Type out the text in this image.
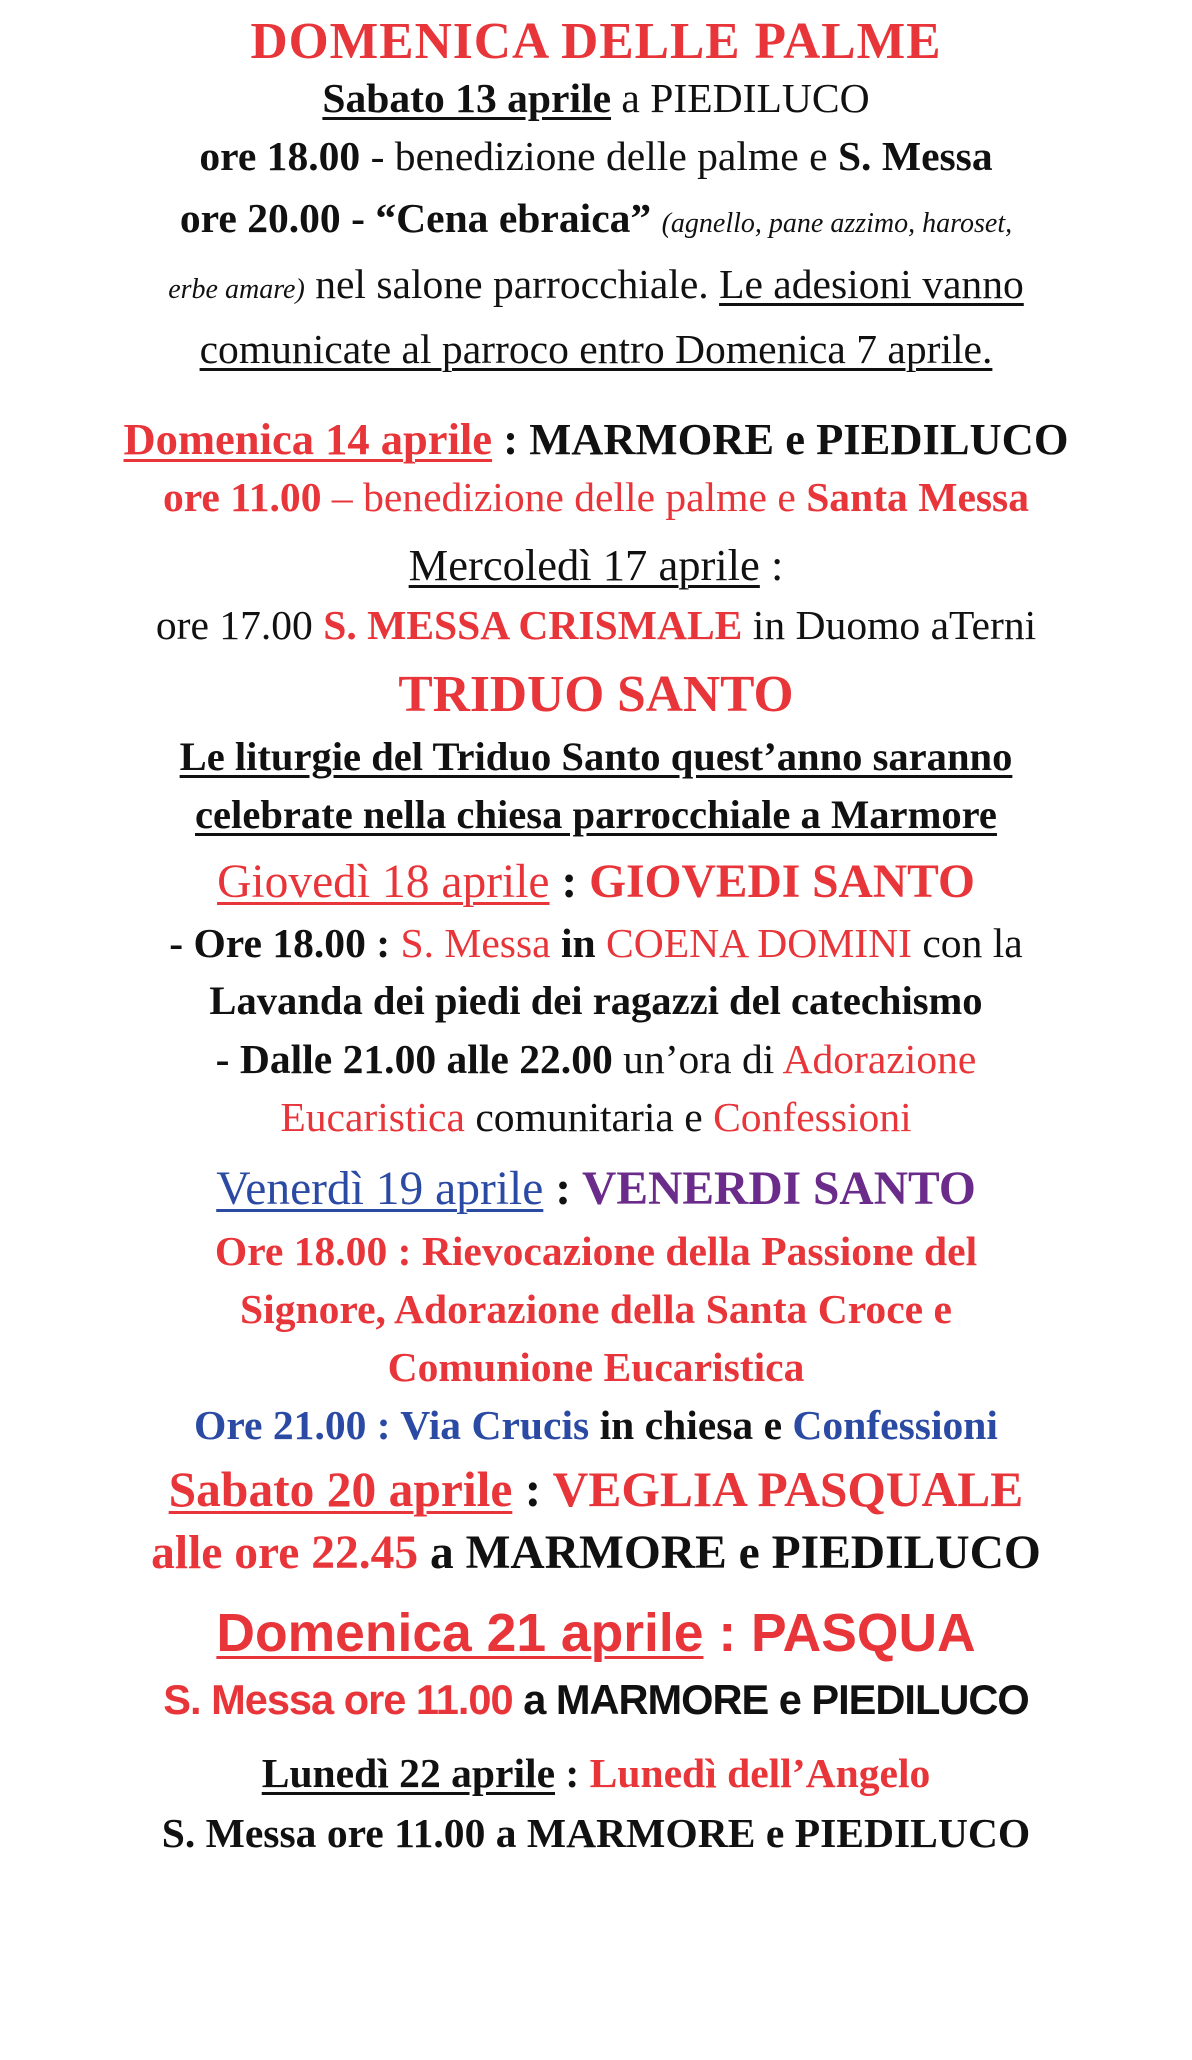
DOMENICA DELLE PALME
Sabato 13 aprile a PIEDILUCO
ore 18.00 - benedizione delle palme e S. Messa
ore 20.00 - “Cena ebraica” (agnello, pane azzimo, haroset,
erbe amare) nel salone parrocchiale. Le adesioni vanno
comunicate al parroco entro Domenica 7 aprile.
Domenica 14 aprile : MARMORE e PIEDILUCO
ore 11.00 – benedizione delle palme e Santa Messa
Mercoledì 17 aprile :
ore 17.00 S. MESSA CRISMALE in Duomo aTerni
TRIDUO SANTO
Le liturgie del Triduo Santo quest’anno saranno
celebrate nella chiesa parrocchiale a Marmore
Giovedì 18 aprile : GIOVEDI SANTO
- Ore 18.00 : S. Messa in COENA DOMINI con la
Lavanda dei piedi dei ragazzi del catechismo
- Dalle 21.00 alle 22.00 un’ora di Adorazione
Eucaristica comunitaria e Confessioni
Venerdì 19 aprile : VENERDI SANTO
Ore 18.00 : Rievocazione della Passione del
Signore, Adorazione della Santa Croce e
Comunione Eucaristica
Ore 21.00 : Via Crucis in chiesa e Confessioni
Sabato 20 aprile : VEGLIA PASQUALE
alle ore 22.45 a MARMORE e PIEDILUCO
Domenica 21 aprile : PASQUA
S. Messa ore 11.00 a MARMORE e PIEDILUCO
Lunedì 22 aprile : Lunedì dell’Angelo
S. Messa ore 11.00 a MARMORE e PIEDILUCO
